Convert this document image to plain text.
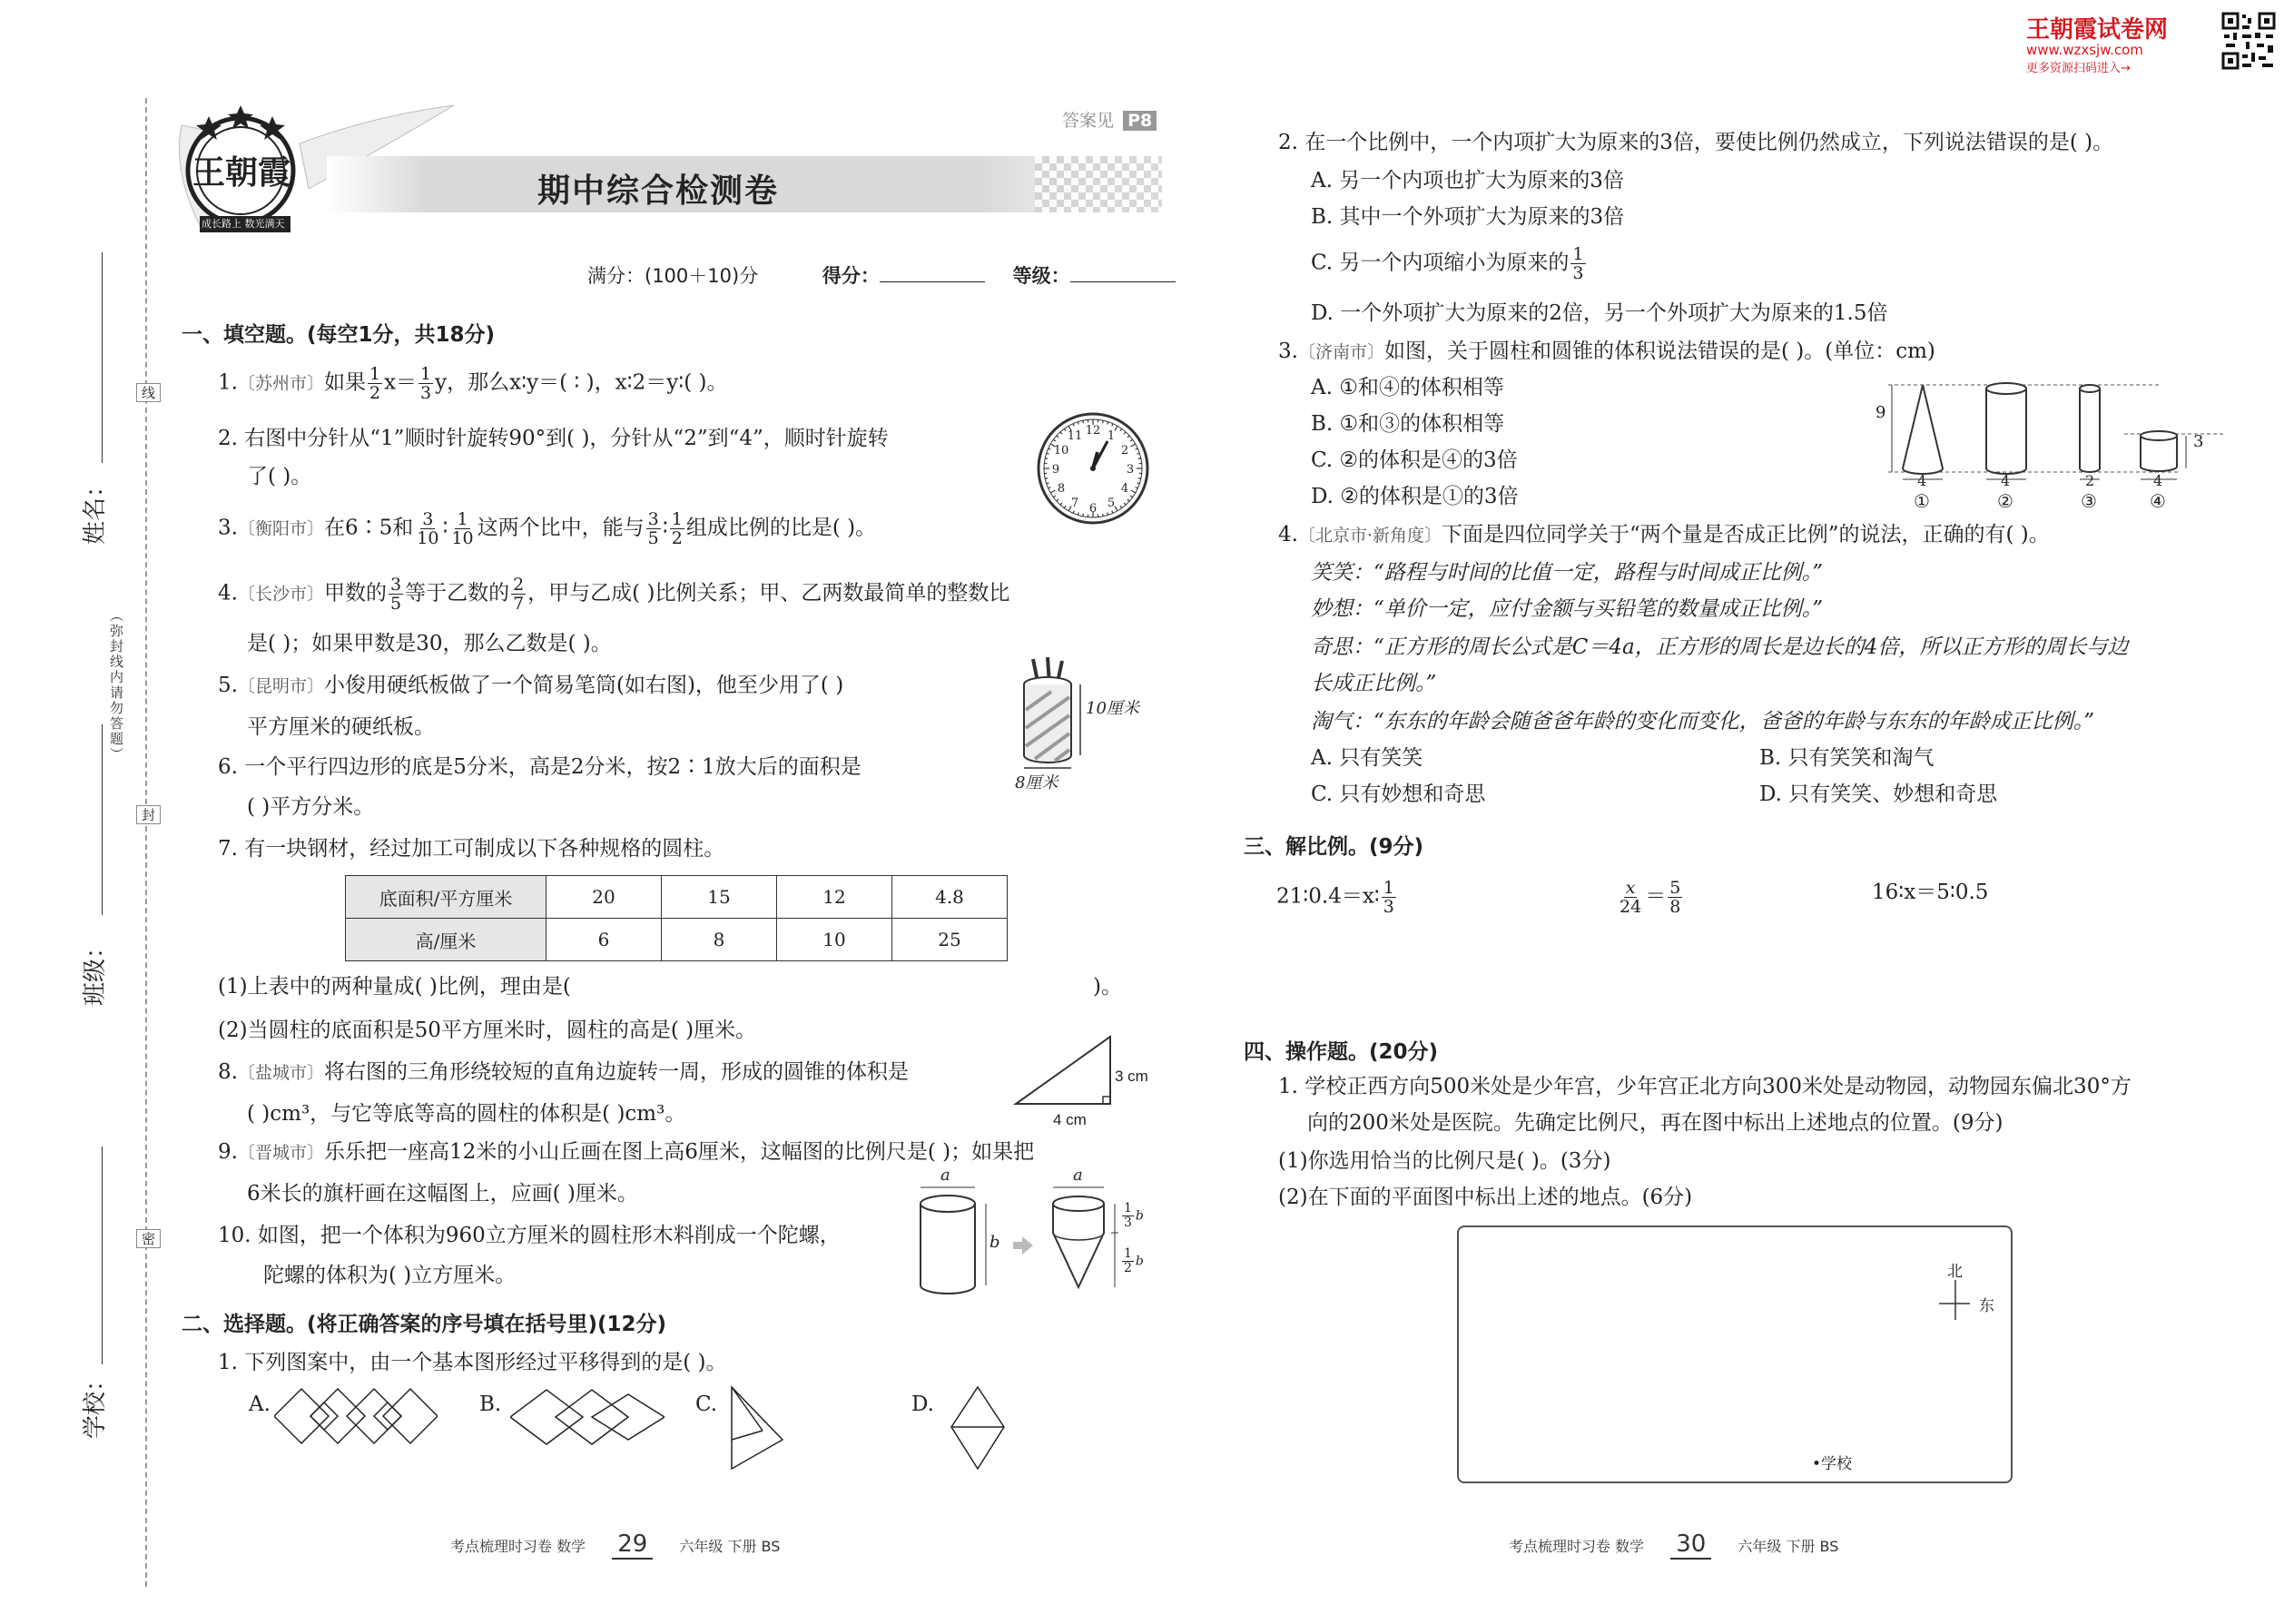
王朝霞试卷网
www.wzxsjw.com
更多资源扫码进入→
线
封
密
（弥封线内请勿答题）
姓名：
班级：
学校：
王朝霞
成长路上 数光满天
答案见 P8
期中综合检测卷
满分：(100＋10)分	得分：	等级：
一、填空题。(每空1分，共18分)
1.〔苏州市〕如果 $\frac{1}{2} x= \frac{1}{3}$ y，那么x∶y＝( ∶ )，x∶2＝y∶( )。
2. 右图中分针从“1”顺时针旋转90°到( )，分针从“2”到“4”，顺时针旋转
了( )。
12 1
2
3
4
5
6
7
8
9
10
11
3.〔衡阳市〕在6∶5和 $\frac{3}{10}$ ∶ $\frac{1}{10}$ 这两个比中，能与 $\frac{3}{5}$ ∶ $\frac{1}{2}$ 组成比例的比是( )。
4.〔长沙市〕甲数的 $\frac{3}{5}$ 等于乙数的 $\frac{2}{7}$ ，甲与乙成( )比例关系；甲、乙两数最简单的整数比
是( )；如果甲数是30，那么乙数是( )。
5.〔昆明市〕小俊用硬纸板做了一个简易笔筒(如右图)，他至少用了( )
平方厘米的硬纸板。
10厘米
8厘米
6. 一个平行四边形的底是5分米，高是2分米，按2∶1放大后的面积是
( )平方分米。
7. 有一块钢材，经过加工可制成以下各种规格的圆柱。
底面积/平方厘米	20	15	12	4.8
高/厘米	6	8	10	25
(1)上表中的两种量成( )比例，理由是(	)。
(2)当圆柱的底面积是50平方厘米时，圆柱的高是( )厘米。
8.〔盐城市〕将右图的三角形绕较短的直角边旋转一周，形成的圆锥的体积是
( )cm³，与它等底等高的圆柱的体积是( )cm³。
3 cm
4 cm
9.〔晋城市〕乐乐把一座高12米的小山丘画在图上高6厘米，这幅图的比例尺是( )；如果把
6米长的旗杆画在这幅图上，应画( )厘米。
10. 如图，把一个体积为960立方厘米的圆柱形木料削成一个陀螺，
陀螺的体积为( )立方厘米。
a
b
a
$\frac{1}{3}$ b
$\frac{1}{2}$ b
二、选择题。(将正确答案的序号填在括号里)(12分)
1. 下列图案中，由一个基本图形经过平移得到的是( )。
A.	B.	C.	D.
考点梳理时习卷 数学 29 六年级 下册 BS
2. 在一个比例中，一个内项扩大为原来的3倍，要使比例仍然成立，下列说法错误的是( )。
A. 另一个内项也扩大为原来的3倍
B. 其中一个外项扩大为原来的3倍
C. 另一个内项缩小为原来的 $\frac{1}{3}$
D. 一个外项扩大为原来的2倍，另一个外项扩大为原来的1.5倍
3.〔济南市〕如图，关于圆柱和圆锥的体积说法错误的是( )。(单位：cm)
A. ①和④的体积相等
B. ①和③的体积相等
C. ②的体积是④的3倍
D. ②的体积是①的3倍
9
3
4	4	2	4
①	②	③	④
4.〔北京市·新角度〕下面是四位同学关于“两个量是否成正比例”的说法，正确的有( )。
笑笑：“路程与时间的比值一定，路程与时间成正比例。”
妙想：“单价一定，应付金额与买铅笔的数量成正比例。”
奇思：“正方形的周长公式是C＝4a，正方形的周长是边长的4倍，所以正方形的周长与边
长成正比例。”
淘气：“东东的年龄会随爸爸年龄的变化而变化，爸爸的年龄与东东的年龄成正比例。”
A. 只有笑笑	B. 只有笑笑和淘气
C. 只有妙想和奇思	D. 只有笑笑、妙想和奇思
三、解比例。(9分)
21∶0.4＝x∶ $\frac{1}{3}$	$\frac{x}{24} = \frac{5}{8}$	16∶x＝5∶0.5
四、操作题。(20分)
1. 学校正西方向500米处是少年宫，少年宫正北方向300米处是动物园，动物园东偏北30°方
向的200米处是医院。先确定比例尺，再在图中标出上述地点的位置。(9分)
(1)你选用恰当的比例尺是( )。(3分)
(2)在下面的平面图中标出上述的地点。(6分)
北
东
•学校
考点梳理时习卷 数学 30 六年级 下册 BS
